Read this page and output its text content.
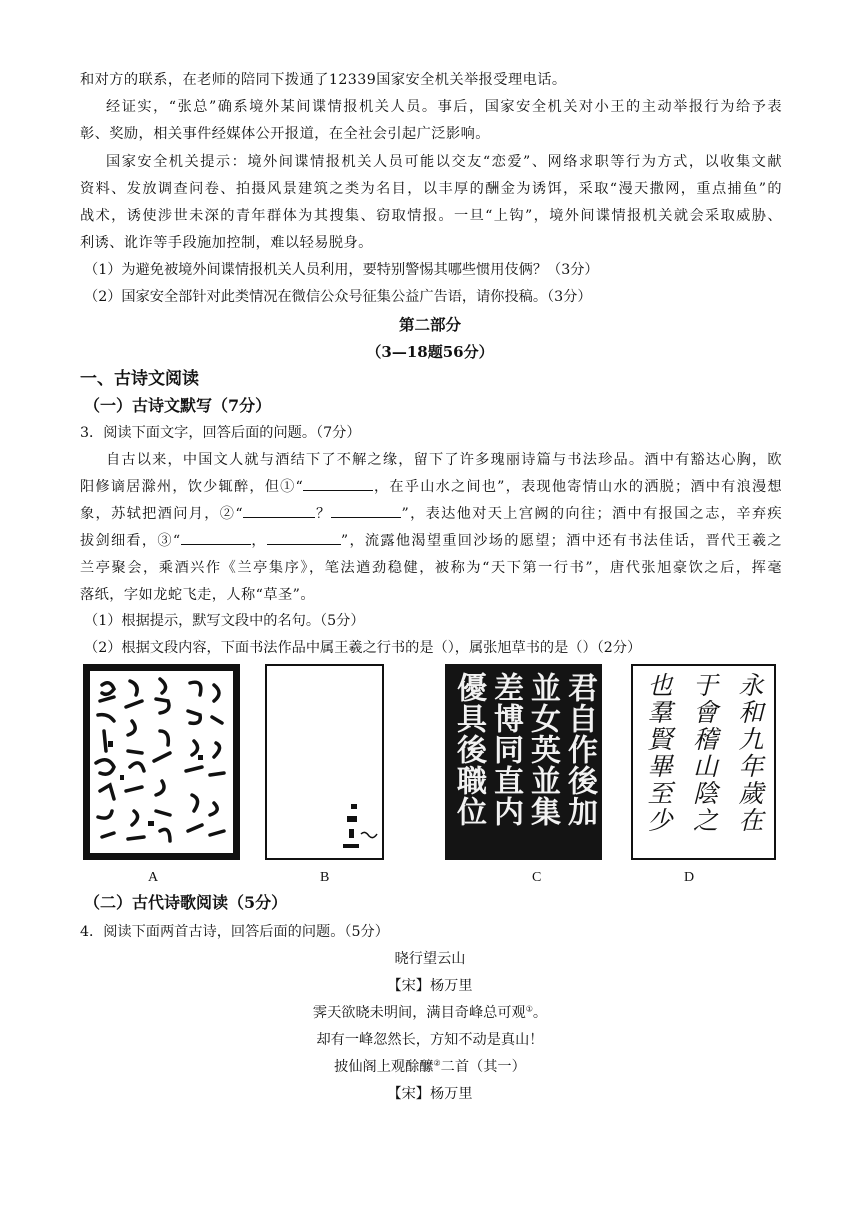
和对方的联系，在老师的陪同下拨通了12339国家安全机关举报受理电话。
经证实，“张总”确系境外某间谍情报机关人员。事后，国家安全机关对小王的主动举报行为给予表
彰、奖励，相关事件经媒体公开报道，在全社会引起广泛影响。
国家安全机关提示：境外间谍情报机关人员可能以交友“恋爱”、网络求职等行为方式，以收集文献
资料、发放调查问卷、拍摄风景建筑之类为名目，以丰厚的酬金为诱饵，采取“漫天撒网，重点捕鱼”的
战术，诱使涉世未深的青年群体为其搜集、窃取情报。一旦“上钩”，境外间谍情报机关就会采取威胁、
利诱、讹诈等手段施加控制，难以轻易脱身。
（1）为避免被境外间谍情报机关人员利用，要特别警惕其哪些惯用伎俩？（3分）
（2）国家安全部针对此类情况在微信公众号征集公益广告语，请你投稿。（3分）
第二部分
（3—18题56分）
一、古诗文阅读
（一）古诗文默写（7分）
3．阅读下面文字，回答后面的问题。（7分）
自古以来，中国文人就与酒结下了不解之缘，留下了许多瑰丽诗篇与书法珍品。酒中有豁达心胸，欧
阳修谪居滁州，饮少辄醉，但①“	，在乎山水之间也”，表现他寄情山水的洒脱；酒中有浪漫想
象，苏轼把酒问月，②“	？	”，表达他对天上宫阙的向往；酒中有报国之志，辛弃疾
拔剑细看，③“	，	”，流露他渴望重回沙场的愿望；酒中还有书法佳话，晋代王羲之
兰亭聚会，乘酒兴作《兰亭集序》，笔法遒劲稳健，被称为“天下第一行书”，唐代张旭豪饮之后，挥毫
落纸，字如龙蛇飞走，人称“草圣”。
（1）根据提示，默写文段中的名句。（5分）
（2）根据文段内容，下面书法作品中属王羲之行书的是（），属张旭草书的是（）（2分）
君自作後加
並女英並集
差博同直内
優具後職位	永和九年歲在
于會稽山陰之
也羣賢畢至少
A	B	C	D
（二）古代诗歌阅读（5分）
4．阅读下面两首古诗，回答后面的问题。（5分）
晓行望云山
【宋】杨万里
霁天欲晓未明间，满目奇峰总可观①。
却有一峰忽然长，方知不动是真山！
披仙阁上观酴醿②二首（其一）
【宋】杨万里
